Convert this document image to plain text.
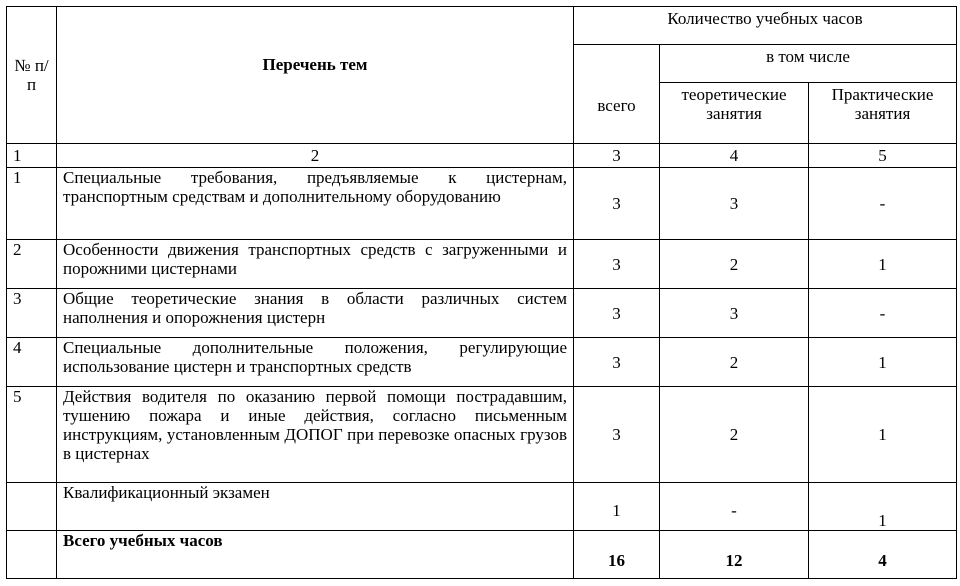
№ п/п	Перечень тем	Количество учебных часов		
		всего	в том числе	
			теоретические занятия	Практические занятия
1	2	3	4	5
1	Специальные требования, предъявляемые к цистернам, транспортным средствам и дополнительному оборудованию	3	3	-
2	Особенности движения транспортных средств с загруженными и порожними цистернами	3	2	1
3	Общие теоретические знания в области различных систем наполнения и опорожнения цистерн	3	3	-
4	Специальные дополнительные положения, регулирующие использование цистерн и транспортных средств	3	2	1
5	Действия водителя по оказанию первой помощи пострадавшим, тушению пожара и иные действия, согласно письменным инструкциям, установленным ДОПОГ при перевозке опасных грузов в цистернах	3	2	1
	Квалификационный экзамен	1	-	1
	Всего учебных часов	16	12	4
